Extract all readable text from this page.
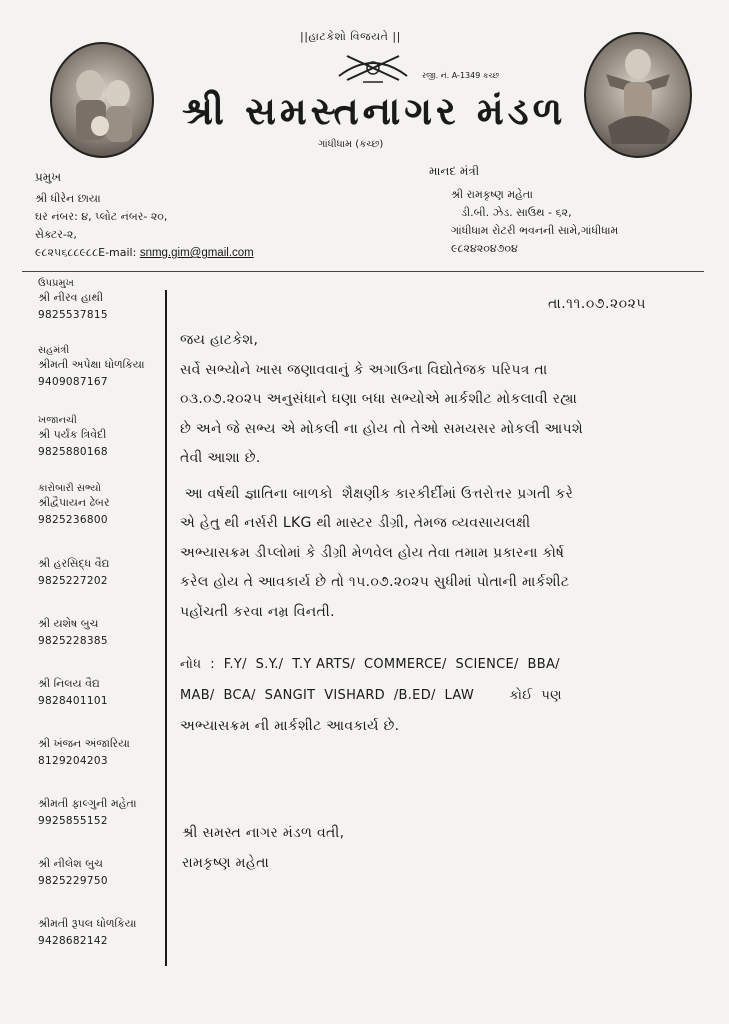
||હાટકેશો વિજયતે ||
રજી. નં. A-1349 કચ્છ
શ્રી સમસ્તનાગર મંડળ
ગાંધીધામ (કચ્છ)
પ્રમુખ
શ્રી ધીરેન છાયા
ઘર નંબર: ૪, પ્લોટ નંબર- ૨૦,
સેક્ટર-૨,
૯૮૨૫૬૮૮૯૮૮E-mail: snmg.gim@gmail.com
માનદ મંત્રી
શ્રી રામકૃષ્ણ મહેતા
ડી.બી. ઝેડ. સાઉથ - ૬૨,
ગાંધીધામ રોટરી ભવનની સામે,ગાંધીધામ
૯૮૨૪૨૦૪૭૦૪
ઉપપ્રમુખ
શ્રી નીરવ હાથી
9825537815
સહમંત્રી
શ્રીમતી અપેક્ષા ધોળકિયા
9409087167
ખજાનચી
શ્રી પર્યંક ત્રિવેદી
9825880168
કારોબારી સભ્યો
શ્રીદ્વૈપાયન ઢેબર
9825236800
શ્રી હરસિદ્ધ વૈદ્ય
9825227202
શ્રી યશેષ બુચ
9825228385
શ્રી નિલય વૈદ્ય
9828401101
શ્રી ખંજન અંજારિયા
8129204203
શ્રીમતી ફાલ્ગુની મહેતા
9925855152
શ્રી નીલેશ બુચ
9825229750
શ્રીમતી રૂપલ ધોળકિયા
9428682142
તા.૧૧.૦૭.૨૦૨૫
જય હાટકેશ,
સર્વે સભ્યોને ખાસ જણાવવાનું કે અગાઉના વિદ્યોતેજક પરિપત્ર તા
૦૩.૦૭.૨૦૨૫ અનુસંધાને ઘણા બધા સભ્યોએ માર્કશીટ મોકલાવી રહ્યા
છે અને જે સભ્ય એ મોકલી ના હોય તો તેઓ સમયસર મોકલી આપશે
તેવી આશા છે.
આ વર્ષથી જ્ઞાતિના બાળકો  શૈક્ષણીક કારકીર્દીમાં ઉત્તરોત્તર પ્રગતી કરે
એ હેતુ થી નર્સરી LKG થી માસ્ટર ડીગ્રી, તેમજ વ્યવસાયલક્ષી
અભ્યાસક્રમ ડીપ્લોમાં કે ડીગ્રી મેળવેલ હોય તેવા તમામ પ્રકારના કોર્ષ
કરેલ હોય તે આવકાર્ય છે તો ૧૫.૦૭.૨૦૨૫ સુધીમાં પોતાની માર્કશીટ
પહોંચતી કરવા નમ્ર વિનતી.
નોધ  :  F.Y/  S.Y./  T.Y ARTS/  COMMERCE/  SCIENCE/  BBA/
MAB/  BCA/  SANGIT  VISHARD  /B.ED/  LAW        કોઈ  પણ
અભ્યાસક્રમ ની માર્કશીટ આવકાર્ય છે.
શ્રી સમસ્ત નાગર મંડળ વતી,
રામકૃષ્ણ મહેતા
